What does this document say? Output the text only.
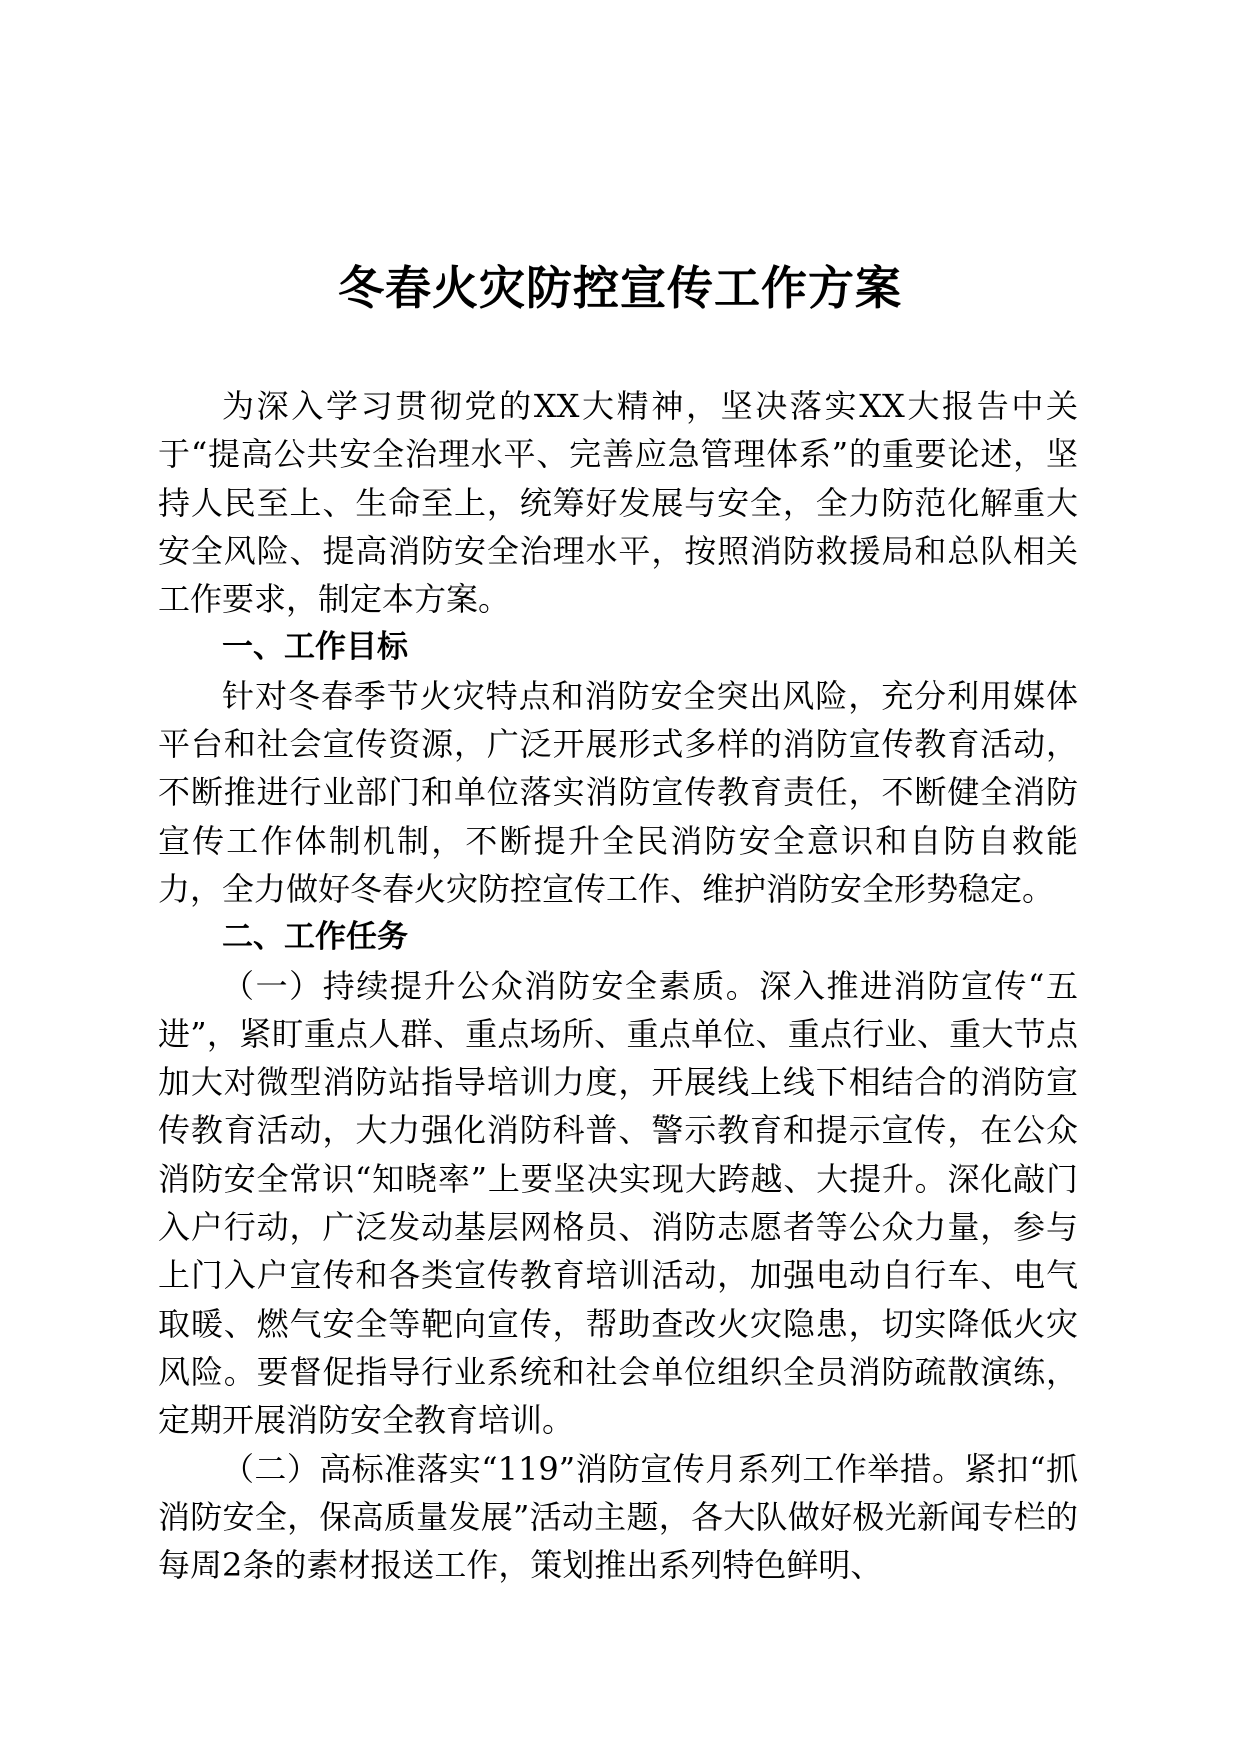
冬春火灾防控宣传工作方案

为深入学习贯彻党的XX大精神，坚决落实XX大报告中关于“提高公共安全治理水平、完善应急管理体系”的重要论述，坚持人民至上、生命至上，统筹好发展与安全，全力防范化解重大安全风险、提高消防安全治理水平，按照消防救援局和总队相关工作要求，制定本方案。

一、工作目标

针对冬春季节火灾特点和消防安全突出风险，充分利用媒体平台和社会宣传资源，广泛开展形式多样的消防宣传教育活动，不断推进行业部门和单位落实消防宣传教育责任，不断健全消防宣传工作体制机制，不断提升全民消防安全意识和自防自救能力，全力做好冬春火灾防控宣传工作、维护消防安全形势稳定。

二、工作任务

（一）持续提升公众消防安全素质。深入推进消防宣传“五进”，紧盯重点人群、重点场所、重点单位、重点行业、重大节点加大对微型消防站指导培训力度，开展线上线下相结合的消防宣传教育活动，大力强化消防科普、警示教育和提示宣传，在公众消防安全常识“知晓率”上要坚决实现大跨越、大提升。深化敲门入户行动，广泛发动基层网格员、消防志愿者等公众力量，参与上门入户宣传和各类宣传教育培训活动，加强电动自行车、电气取暖、燃气安全等靶向宣传，帮助查改火灾隐患，切实降低火灾风险。要督促指导行业系统和社会单位组织全员消防疏散演练，定期开展消防安全教育培训。

（二）高标准落实“119”消防宣传月系列工作举措。紧扣“抓消防安全，保高质量发展”活动主题，各大队做好极光新闻专栏的每周2条的素材报送工作，策划推出系列特色鲜明、
